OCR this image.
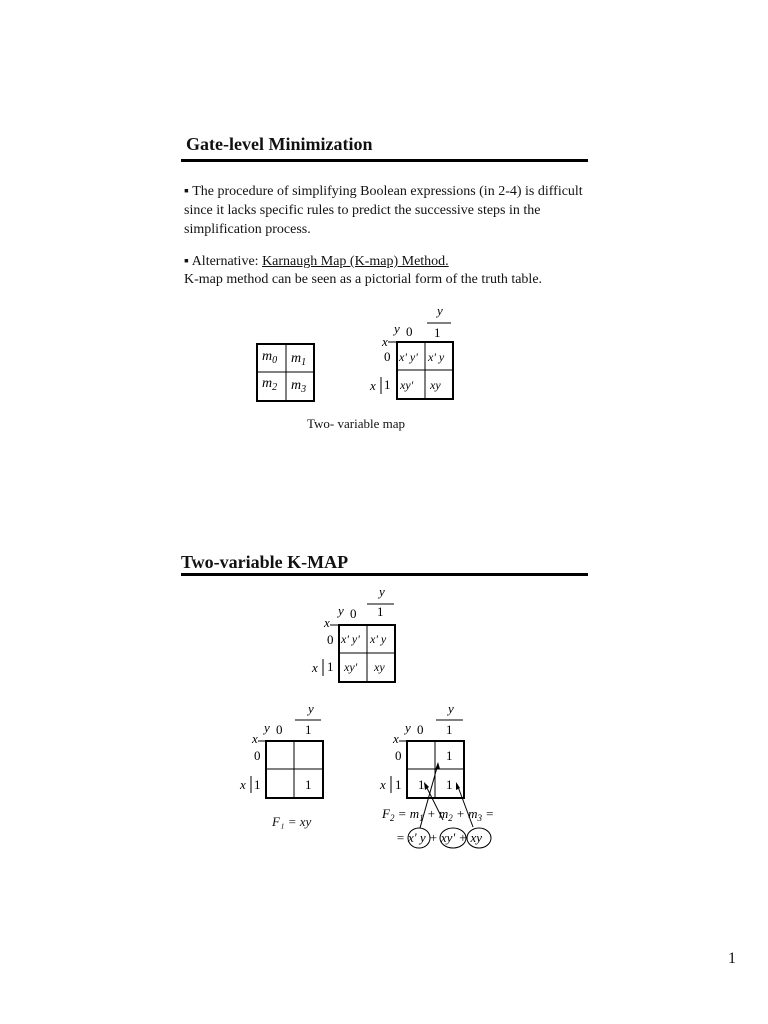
Gate-level Minimization
▪ The procedure of simplifying Boolean expressions (in 2-4) is difficult since it lacks specific rules to predict the successive steps in the simplification process.
▪ Alternative: Karnaugh Map (K-map) Method.
K-map method can be seen as a pictorial form of the truth table.
$m_0$ $m_1$
$m_2$ $m_3$
y
y 0 1
x
0 x' y' x' y
x 1 xy' xy
Two- variable map
Two-variable K-MAP
y
y 0 1
x
0 x' y' x' y
x 1 xy' xy
y
y 0 1
x
0
x 1	1
F₁ = xy
y
y 0 1
x
0	1
x 1 1 1
$F_2 = m_1 + m_2 + m_3$ =
= x' y + xy' + xy
1
